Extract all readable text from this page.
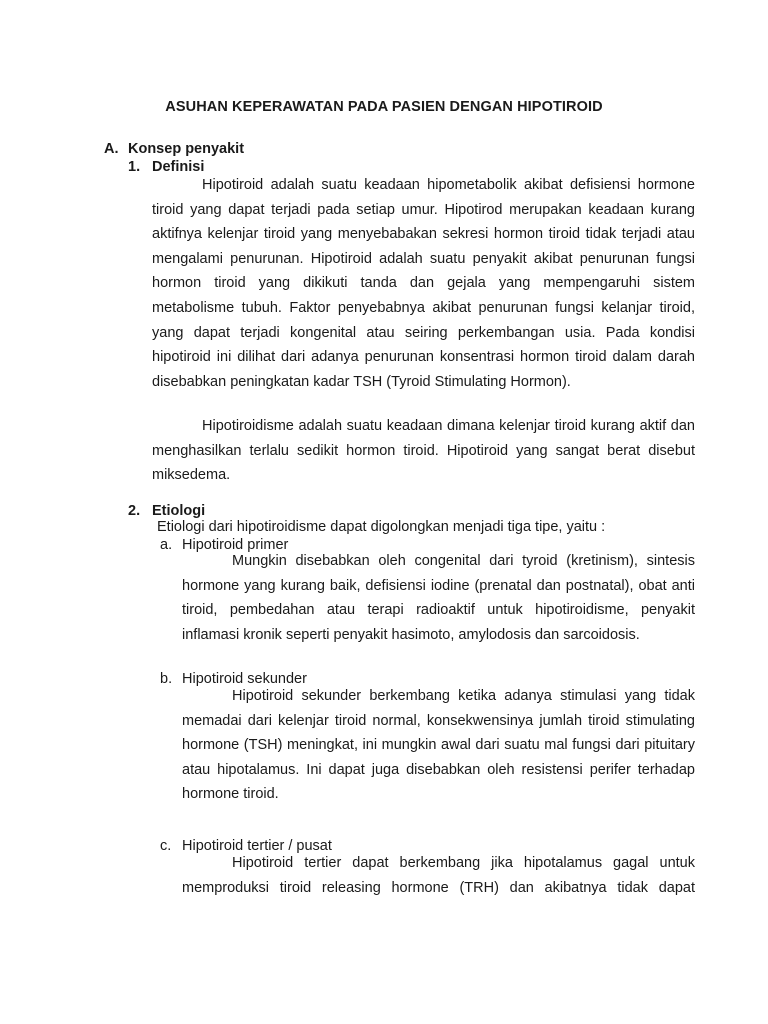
ASUHAN KEPERAWATAN PADA PASIEN DENGAN HIPOTIROID
A. Konsep penyakit
1. Definisi

Hipotiroid adalah suatu keadaan hipometabolik akibat defisiensi hormone tiroid yang dapat terjadi pada setiap umur. Hipotirod merupakan keadaan kurang aktifnya kelenjar tiroid yang menyebabakan sekresi hormon tiroid tidak terjadi atau mengalami penurunan. Hipotiroid adalah suatu penyakit akibat penurunan fungsi hormon tiroid yang dikikuti tanda dan gejala yang mempengaruhi sistem metabolisme tubuh. Faktor penyebabnya akibat penurunan fungsi kelanjar tiroid, yang dapat terjadi kongenital atau seiring perkembangan usia. Pada kondisi hipotiroid ini dilihat dari adanya penurunan konsentrasi hormon tiroid dalam darah disebabkan peningkatan kadar TSH (Tyroid Stimulating Hormon).

Hipotiroidisme adalah suatu keadaan dimana kelenjar tiroid kurang aktif dan menghasilkan terlalu sedikit hormon tiroid. Hipotiroid yang sangat berat disebut miksedema.

2. Etiologi
Etiologi dari hipotiroidisme dapat digolongkan menjadi tiga tipe, yaitu :
a. Hipotiroid primer

Mungkin disebabkan oleh congenital dari tyroid (kretinism), sintesis hormone yang kurang baik, defisiensi iodine (prenatal dan postnatal), obat anti tiroid, pembedahan atau terapi radioaktif untuk hipotiroidisme, penyakit inflamasi kronik seperti penyakit hasimoto, amylodosis dan sarcoidosis.

b. Hipotiroid sekunder

Hipotiroid sekunder berkembang ketika adanya stimulasi yang tidak memadai dari kelenjar tiroid normal, konsekwensinya jumlah tiroid stimulating hormone (TSH) meningkat, ini mungkin awal dari suatu mal fungsi dari pituitary atau hipotalamus. Ini dapat juga disebabkan oleh resistensi perifer terhadap hormone tiroid.

c. Hipotiroid tertier / pusat

Hipotiroid tertier dapat berkembang jika hipotalamus gagal untuk memproduksi tiroid releasing hormone (TRH) dan akibatnya tidak dapat
